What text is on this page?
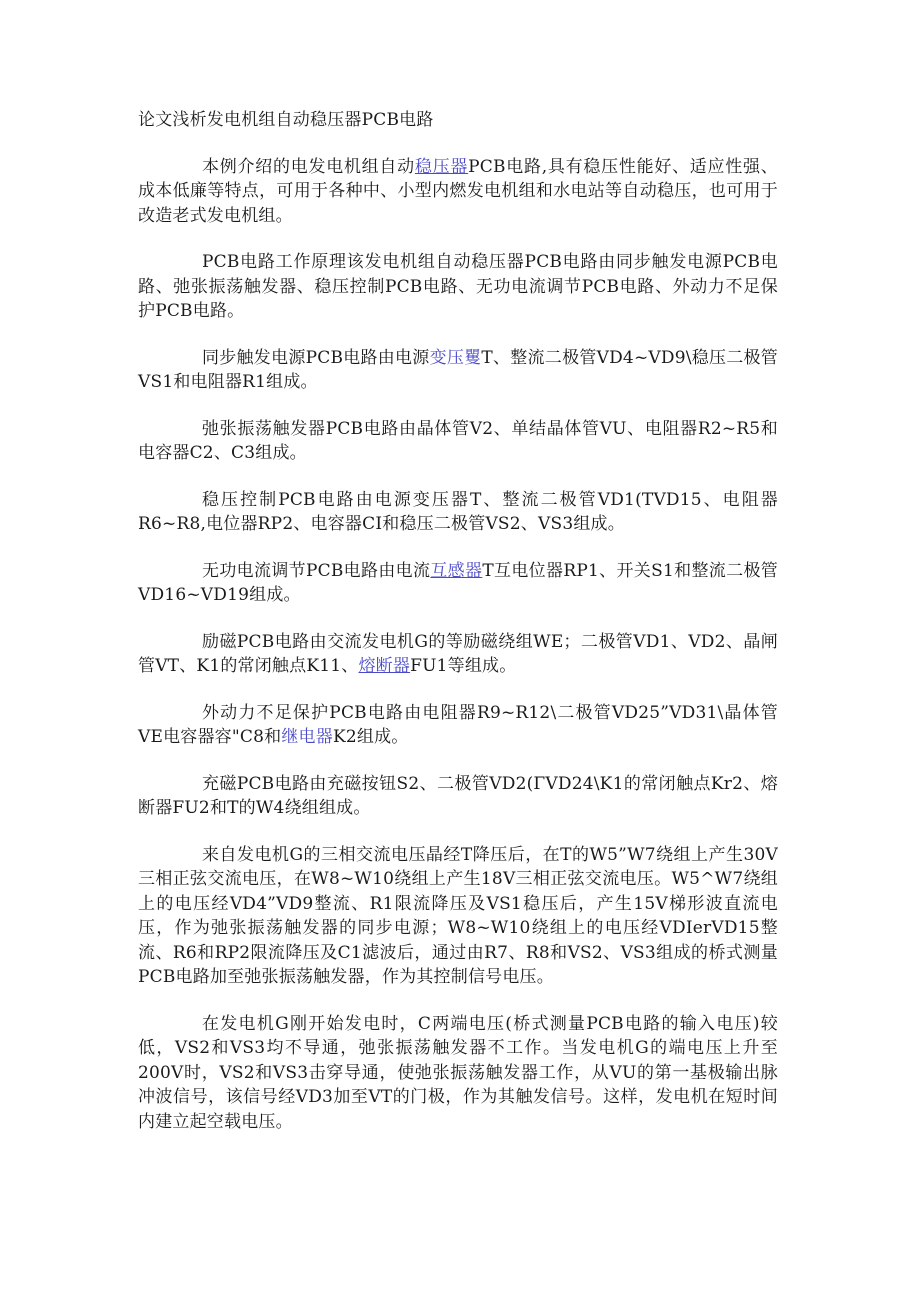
论文浅析发电机组自动稳压器PCB电路

本例介绍的电发电机组自动稳压器PCB电路,具有稳压性能好、适应性强、成本低廉等特点，可用于各种中、小型内燃发电机组和水电站等自动稳压，也可用于改造老式发电机组。

PCB电路工作原理该发电机组自动稳压器PCB电路由同步触发电源PCB电路、弛张振荡触发器、稳压控制PCB电路、无功电流调节PCB电路、外动力不足保护PCB电路。

同步触发电源PCB电路由电源变压矍T、整流二极管VD4~VD9\稳压二极管VS1和电阻器R1组成。

弛张振荡触发器PCB电路由晶体管V2、单结晶体管VU、电阻器R2~R5和电容器C2、C3组成。

稳压控制PCB电路由电源变压器T、整流二极管VD1(TVD15、电阻器R6~R8,电位器RP2、电容器CI和稳压二极管VS2、VS3组成。

无功电流调节PCB电路由电流互感器T互电位器RP1、开关S1和整流二极管VD16~VD19组成。

励磁PCB电路由交流发电机G的等励磁绕组WE；二极管VD1、VD2、晶闸管VT、K1的常闭触点K11、熔断器FU1等组成。

外动力不足保护PCB电路由电阻器R9~R12\二极管VD25”VD31\晶体管VE电容器容"C8和继电器K2组成。

充磁PCB电路由充磁按钮S2、二极管VD2(ΓVD24\K1的常闭触点Kr2、熔断器FU2和T的W4绕组组成。

来自发电机G的三相交流电压晶经T降压后，在T的W5”W7绕组上产生30V三相正弦交流电压，在W8~W10绕组上产生18V三相正弦交流电压。W5^W7绕组上的电压经VD4”VD9整流、R1限流降压及VS1稳压后，产生15V梯形波直流电压，作为弛张振荡触发器的同步电源；W8~W10绕组上的电压经VDIerVD15整流、R6和RP2限流降压及C1滤波后，通过由R7、R8和VS2、VS3组成的桥式测量PCB电路加至弛张振荡触发器，作为其控制信号电压。

在发电机G刚开始发电时，C两端电压(桥式测量PCB电路的输入电压)较低，VS2和VS3均不导通，弛张振荡触发器不工作。当发电机G的端电压上升至200V时，VS2和VS3击穿导通，使弛张振荡触发器工作，从VU的第一基极输出脉冲波信号，该信号经VD3加至VT的门极，作为其触发信号。这样，发电机在短时间内建立起空载电压。
